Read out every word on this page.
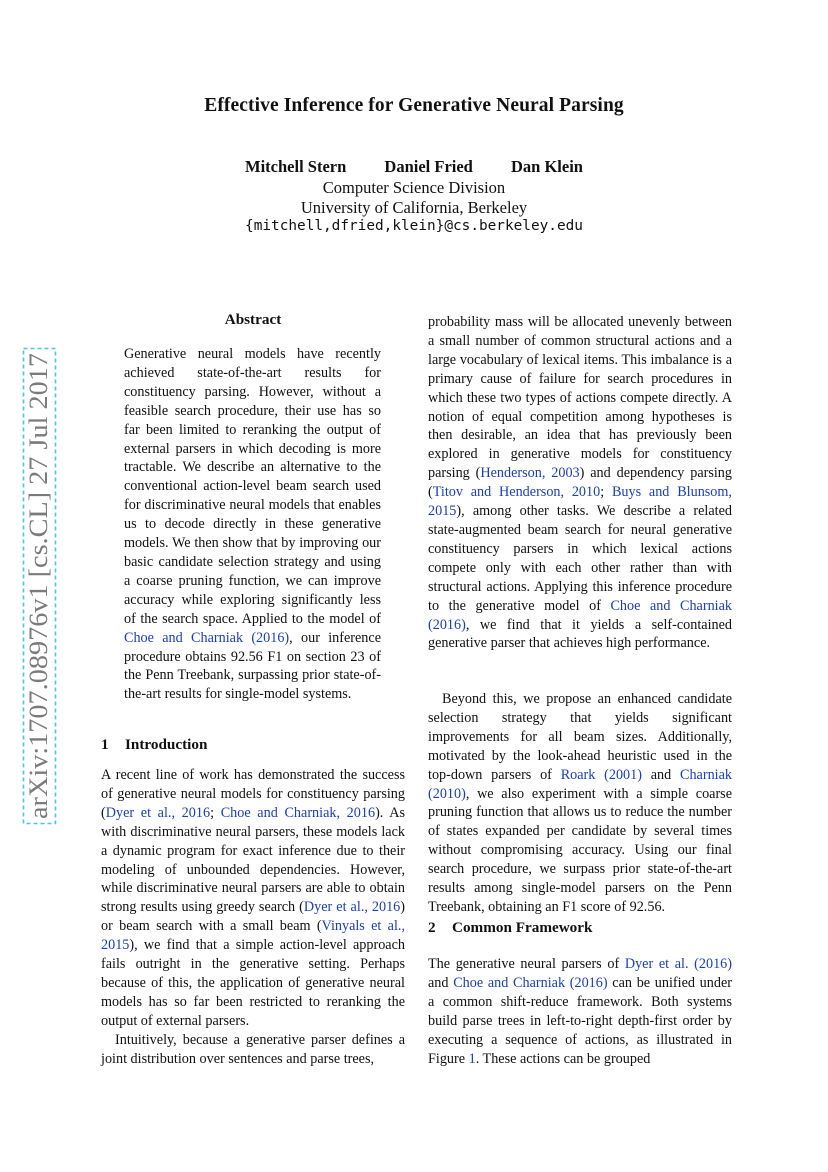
Effective Inference for Generative Neural Parsing
Mitchell Stern Daniel Fried Dan Klein
Computer Science Division
University of California, Berkeley
{mitchell,dfried,klein}@cs.berkeley.edu
arXiv:1707.08976v1 [cs.CL] 27 Jul 2017
Abstract
Generative neural models have recently achieved state-of-the-art results for constituency parsing. However, without a feasible search procedure, their use has so far been limited to reranking the output of external parsers in which decoding is more tractable. We describe an alternative to the conventional action-level beam search used for discriminative neural models that enables us to decode directly in these generative models. We then show that by improving our basic candidate selection strategy and using a coarse pruning function, we can improve accuracy while exploring significantly less of the search space. Applied to the model of Choe and Charniak (2016), our inference procedure obtains 92.56 F1 on section 23 of the Penn Treebank, surpassing prior state-of-the-art results for single-model systems.
1 Introduction

A recent line of work has demonstrated the success of generative neural models for constituency parsing (Dyer et al., 2016; Choe and Charniak, 2016). As with discriminative neural parsers, these models lack a dynamic program for exact inference due to their modeling of unbounded dependencies. However, while discriminative neural parsers are able to obtain strong results using greedy search (Dyer et al., 2016) or beam search with a small beam (Vinyals et al., 2015), we find that a simple action-level approach fails outright in the generative setting. Perhaps because of this, the application of generative neural models has so far been restricted to reranking the output of external parsers.

Intuitively, because a generative parser defines a joint distribution over sentences and parse trees,

probability mass will be allocated unevenly between a small number of common structural actions and a large vocabulary of lexical items. This imbalance is a primary cause of failure for search procedures in which these two types of actions compete directly. A notion of equal competition among hypotheses is then desirable, an idea that has previously been explored in generative models for constituency parsing (Henderson, 2003) and dependency parsing (Titov and Henderson, 2010; Buys and Blunsom, 2015), among other tasks. We describe a related state-augmented beam search for neural generative constituency parsers in which lexical actions compete only with each other rather than with structural actions. Applying this inference procedure to the generative model of Choe and Charniak (2016), we find that it yields a self-contained generative parser that achieves high performance.
Beyond this, we propose an enhanced candidate selection strategy that yields significant improvements for all beam sizes. Additionally, motivated by the look-ahead heuristic used in the top-down parsers of Roark (2001) and Charniak (2010), we also experiment with a simple coarse pruning function that allows us to reduce the number of states expanded per candidate by several times without compromising accuracy. Using our final search procedure, we surpass prior state-of-the-art results among single-model parsers on the Penn Treebank, obtaining an F1 score of 92.56.
2 Common Framework
The generative neural parsers of Dyer et al. (2016) and Choe and Charniak (2016) can be unified under a common shift-reduce framework. Both systems build parse trees in left-to-right depth-first order by executing a sequence of actions, as illustrated in Figure 1. These actions can be grouped
